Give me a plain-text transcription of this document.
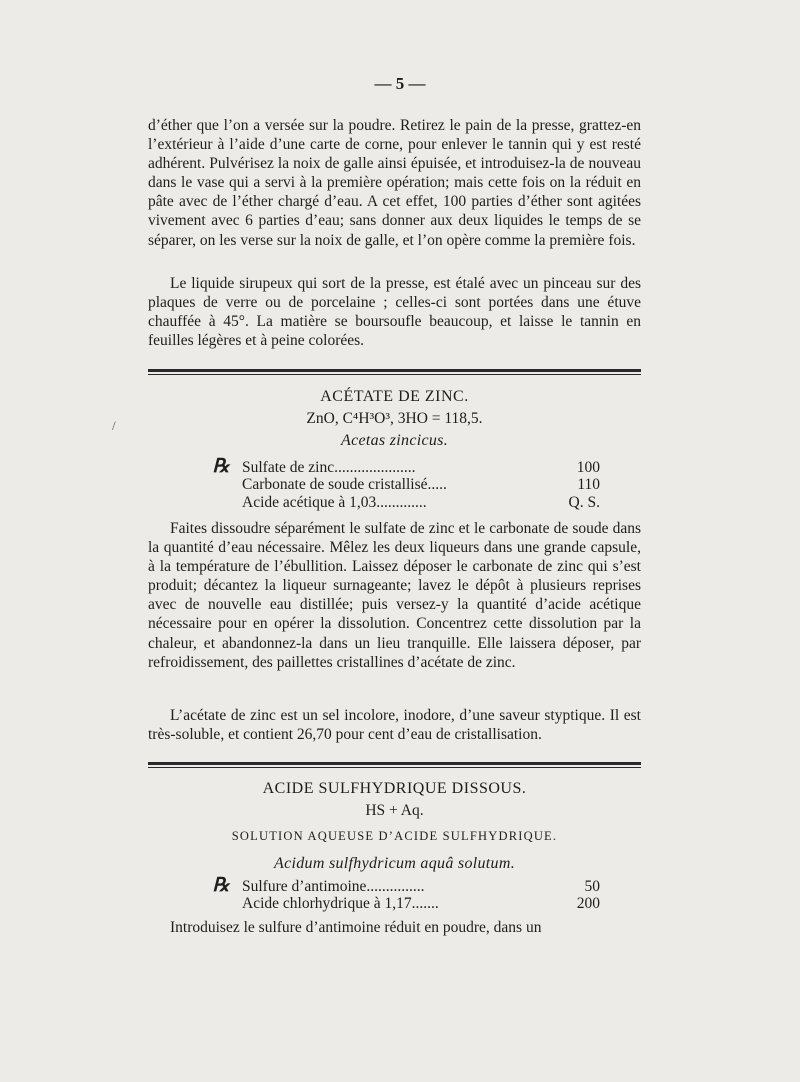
— 5 —

d’éther que l’on a versée sur la poudre. Retirez le pain de la presse, grattez-en l’extérieur à l’aide d’une carte de corne, pour enlever le tannin qui y est resté adhérent. Pulvérisez la noix de galle ainsi épuisée, et introduisez-la de nouveau dans le vase qui a servi à la première opération; mais cette fois on la réduit en pâte avec de l’éther chargé d’eau. A cet effet, 100 parties d’éther sont agitées vivement avec 6 parties d’eau; sans donner aux deux liquides le temps de se séparer, on les verse sur la noix de galle, et l’on opère comme la première fois.

Le liquide sirupeux qui sort de la presse, est étalé avec un pinceau sur des plaques de verre ou de porcelaine ; celles-ci sont portées dans une étuve chauffée à 45°. La matière se boursoufle beaucoup, et laisse le tannin en feuilles légères et à peine colorées.

ACÉTATE DE ZINC.
ZnO, C⁴H³O³, 3HO = 118,5.
Acetas zincicus.
/
℞ Sulfate de zinc.....................	100
Carbonate de soude cristallisé.....	110
Acide acétique à 1,03.............	Q. S.

Faites dissoudre séparément le sulfate de zinc et le carbonate de soude dans la quantité d’eau nécessaire. Mêlez les deux liqueurs dans une grande capsule, à la température de l’ébullition. Laissez déposer le carbonate de zinc qui s’est produit; décantez la liqueur surnageante; lavez le dépôt à plusieurs reprises avec de nouvelle eau distillée; puis versez-y la quantité d’acide acétique nécessaire pour en opérer la dissolution. Concentrez cette dissolution par la chaleur, et abandonnez-la dans un lieu tranquille. Elle laissera déposer, par refroidissement, des paillettes cristallines d’acétate de zinc.

L’acétate de zinc est un sel incolore, inodore, d’une saveur styptique. Il est très-soluble, et contient 26,70 pour cent d’eau de cristallisation.

ACIDE SULFHYDRIQUE DISSOUS.
HS + Aq.
SOLUTION AQUEUSE D’ACIDE SULFHYDRIQUE.
Acidum sulfhydricum aquâ solutum.
℞ Sulfure d’antimoine...............	50
Acide chlorhydrique à 1,17.......	200

Introduisez le sulfure d’antimoine réduit en poudre, dans un
